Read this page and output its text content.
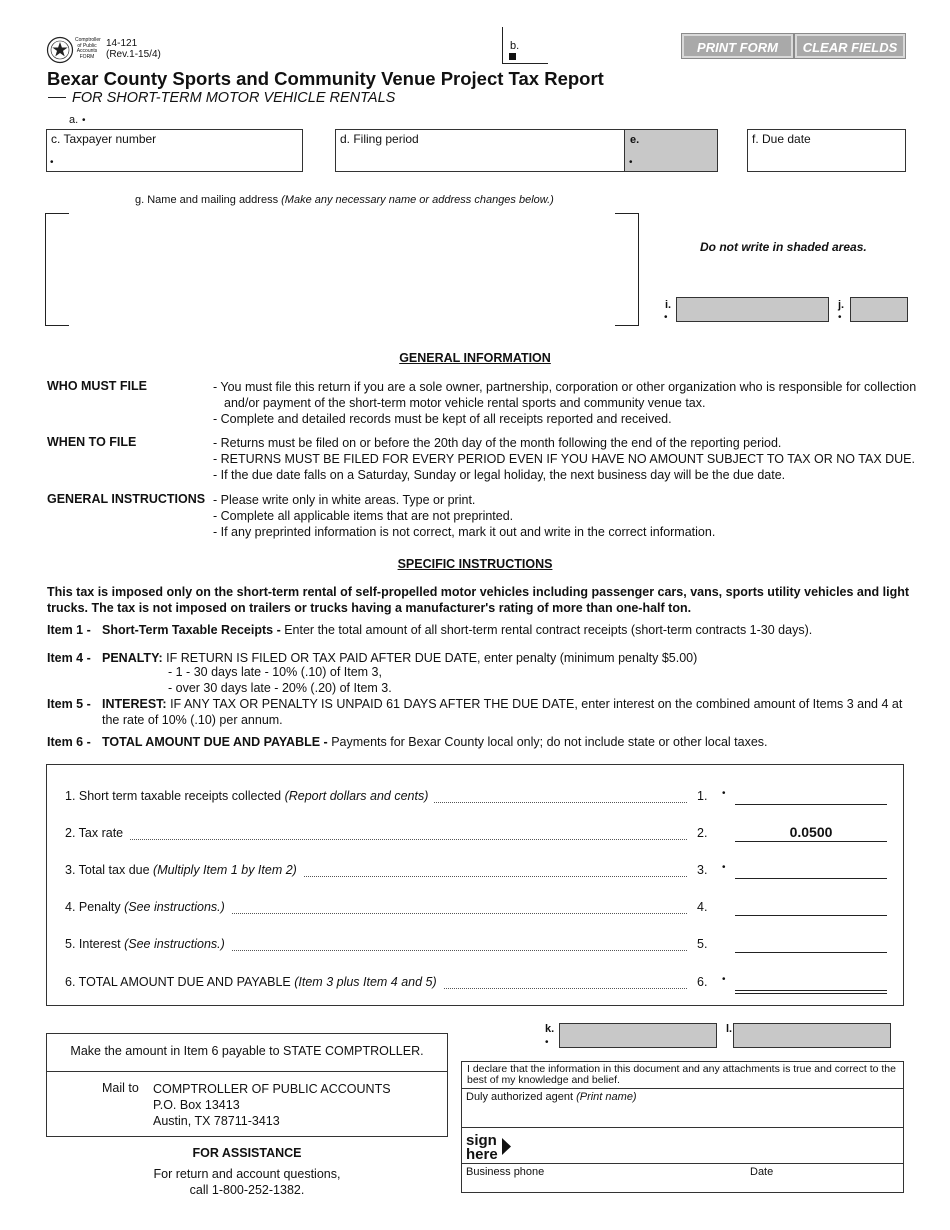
Comptroller of Public Accounts FORM
14-121
(Rev.1-15/4)
b.	PRINT FORM	CLEAR FIELDS
Bexar County Sports and Community Venue Project Tax Report
FOR SHORT-TERM MOTOR VEHICLE RENTALS
a. •
c. Taxpayer number
•
d. Filing period	e.
•
f. Due date
g. Name and mailing address (Make any necessary name or address changes below.)
Do not write in shaded areas.
i.
•
j.
•
GENERAL INFORMATION
WHO MUST FILE	- You must file this return if you are a sole owner, partnership, corporation or other organization who is responsible for collection and/or payment of the short-term motor vehicle rental sports and community venue tax.
- Complete and detailed records must be kept of all receipts reported and received.
WHEN TO FILE	- Returns must be filed on or before the 20th day of the month following the end of the reporting period.
- RETURNS MUST BE FILED FOR EVERY PERIOD EVEN IF YOU HAVE NO AMOUNT SUBJECT TO TAX OR NO TAX DUE.
- If the due date falls on a Saturday, Sunday or legal holiday, the next business day will be the due date.
GENERAL INSTRUCTIONS - Please write only in white areas. Type or print.
- Complete all applicable items that are not preprinted.
- If any preprinted information is not correct, mark it out and write in the correct information.
SPECIFIC INSTRUCTIONS
This tax is imposed only on the short-term rental of self-propelled motor vehicles including passenger cars, vans, sports utility vehicles and light trucks. The tax is not imposed on trailers or trucks having a manufacturer's rating of more than one-half ton.
Item 1 - Short-Term Taxable Receipts - Enter the total amount of all short-term rental contract receipts (short-term contracts 1-30 days).
Item 4 - PENALTY: IF RETURN IS FILED OR TAX PAID AFTER DUE DATE, enter penalty (minimum penalty $5.00)
- 1 - 30 days late - 10% (.10) of Item 3,
- over 30 days late - 20% (.20) of Item 3.
Item 5 - INTEREST: IF ANY TAX OR PENALTY IS UNPAID 61 DAYS AFTER THE DUE DATE, enter interest on the combined amount of Items 3 and 4 at the rate of 10% (.10) per annum.
Item 6 - TOTAL AMOUNT DUE AND PAYABLE - Payments for Bexar County local only; do not include state or other local taxes.
1. Short term taxable receipts collected (Report dollars and cents)	1. •
2. Tax rate	2.	0.0500
3. Total tax due (Multiply Item 1 by Item 2)	3. •
4. Penalty (See instructions.)	4.
5. Interest (See instructions.)	5.
6. TOTAL AMOUNT DUE AND PAYABLE (Item 3 plus Item 4 and 5)	6. •
Make the amount in Item 6 payable to STATE COMPTROLLER.
Mail to COMPTROLLER OF PUBLIC ACCOUNTS
P.O. Box 13413
Austin, TX 78711-3413
FOR ASSISTANCE
For return and account questions,
call 1-800-252-1382.
k.
•
l.
I declare that the information in this document and any attachments is true and correct to the best of my knowledge and belief.
Duly authorized agent (Print name)
sign here
Business phone	Date
